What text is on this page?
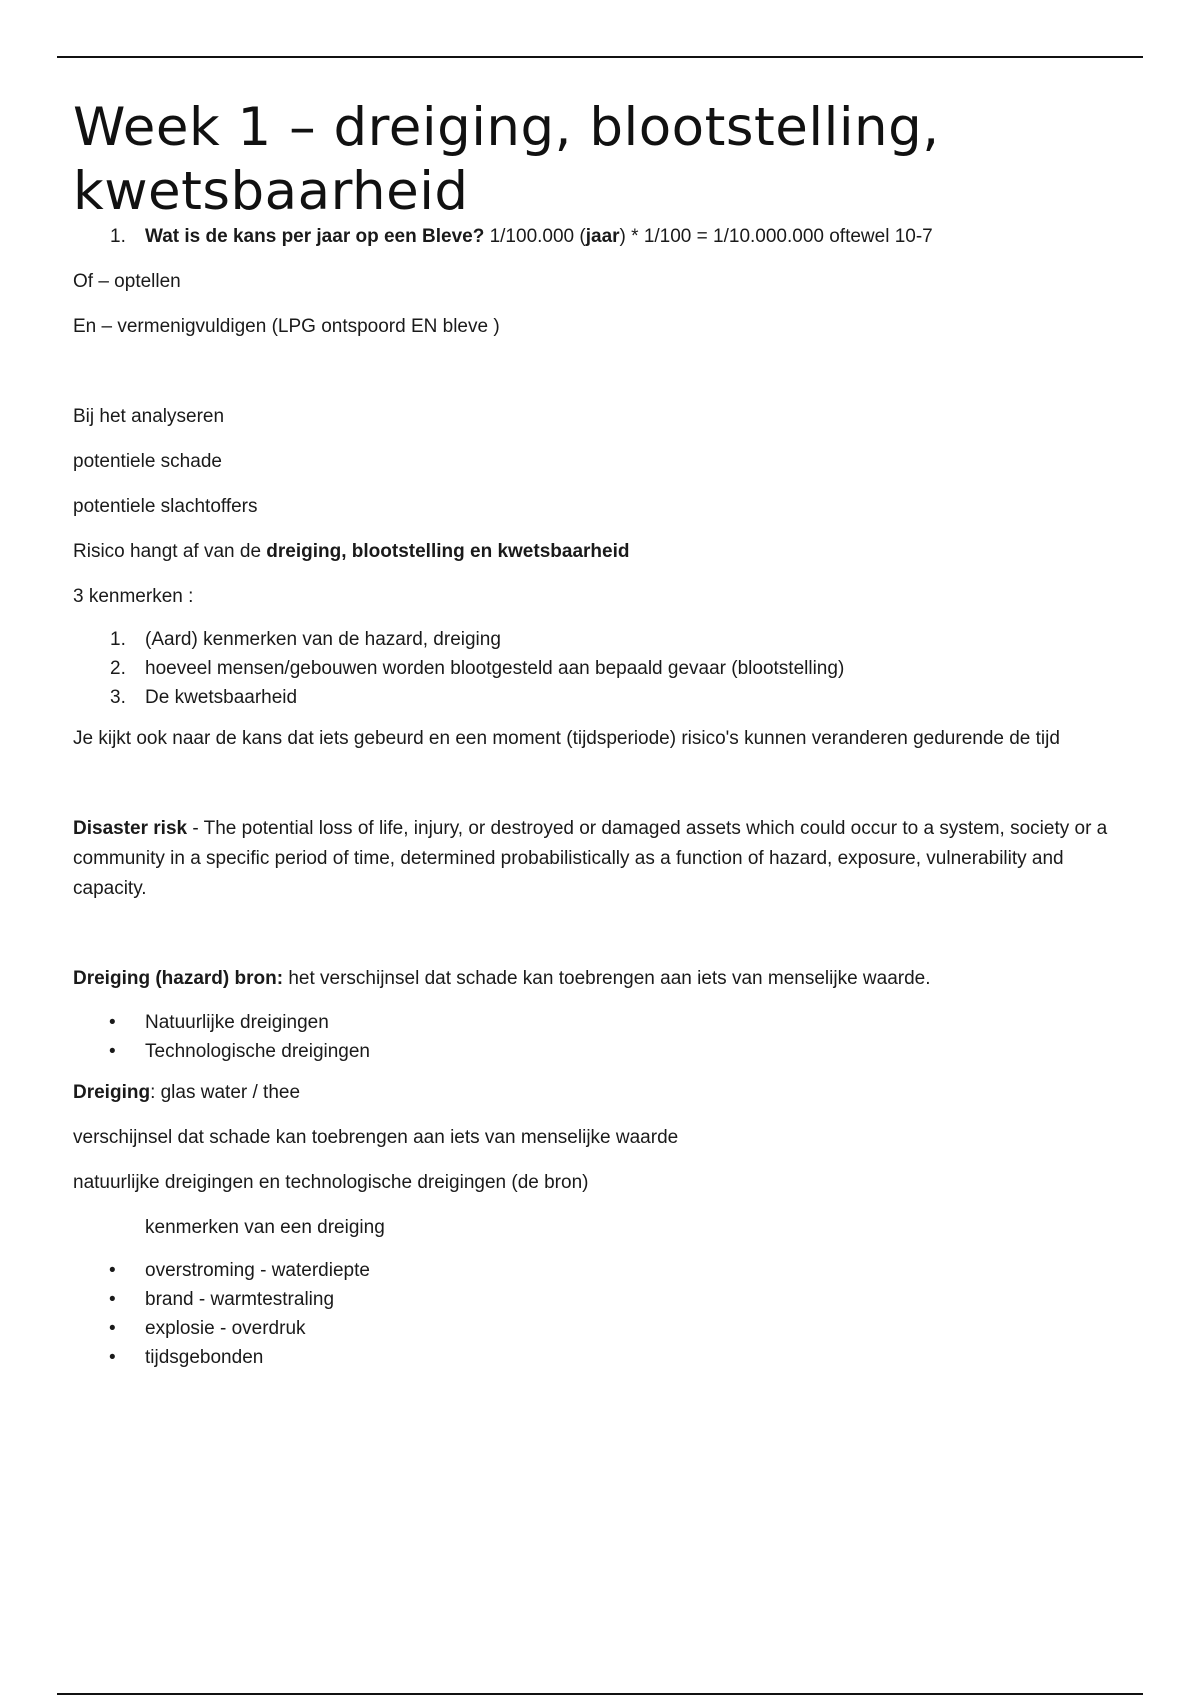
Week 1 – dreiging, blootstelling, kwetsbaarheid
1. Wat is de kans per jaar op een Bleve? 1/100.000 (jaar) * 1/100 = 1/10.000.000 oftewel 10-7

Of – optellen

En – vermenigvuldigen (LPG ontspoord EN bleve )

Bij het analyseren

potentiele schade

potentiele slachtoffers

Risico hangt af van de dreiging, blootstelling en kwetsbaarheid

3 kenmerken :

1. (Aard) kenmerken van de hazard, dreiging
2. hoeveel mensen/gebouwen worden blootgesteld aan bepaald gevaar (blootstelling)
3. De kwetsbaarheid

Je kijkt ook naar de kans dat iets gebeurd en een moment (tijdsperiode) risico's kunnen veranderen gedurende de tijd

Disaster risk - The potential loss of life, injury, or destroyed or damaged assets which could occur to a system, society or a community in a specific period of time, determined probabilistically as a function of hazard, exposure, vulnerability and capacity.

Dreiging (hazard) bron: het verschijnsel dat schade kan toebrengen aan iets van menselijke waarde.

• Natuurlijke dreigingen
• Technologische dreigingen

Dreiging: glas water / thee

verschijnsel dat schade kan toebrengen aan iets van menselijke waarde

natuurlijke dreigingen en technologische dreigingen (de bron)

kenmerken van een dreiging

• overstroming - waterdiepte
• brand - warmtestraling
• explosie - overdruk
• tijdsgebonden
